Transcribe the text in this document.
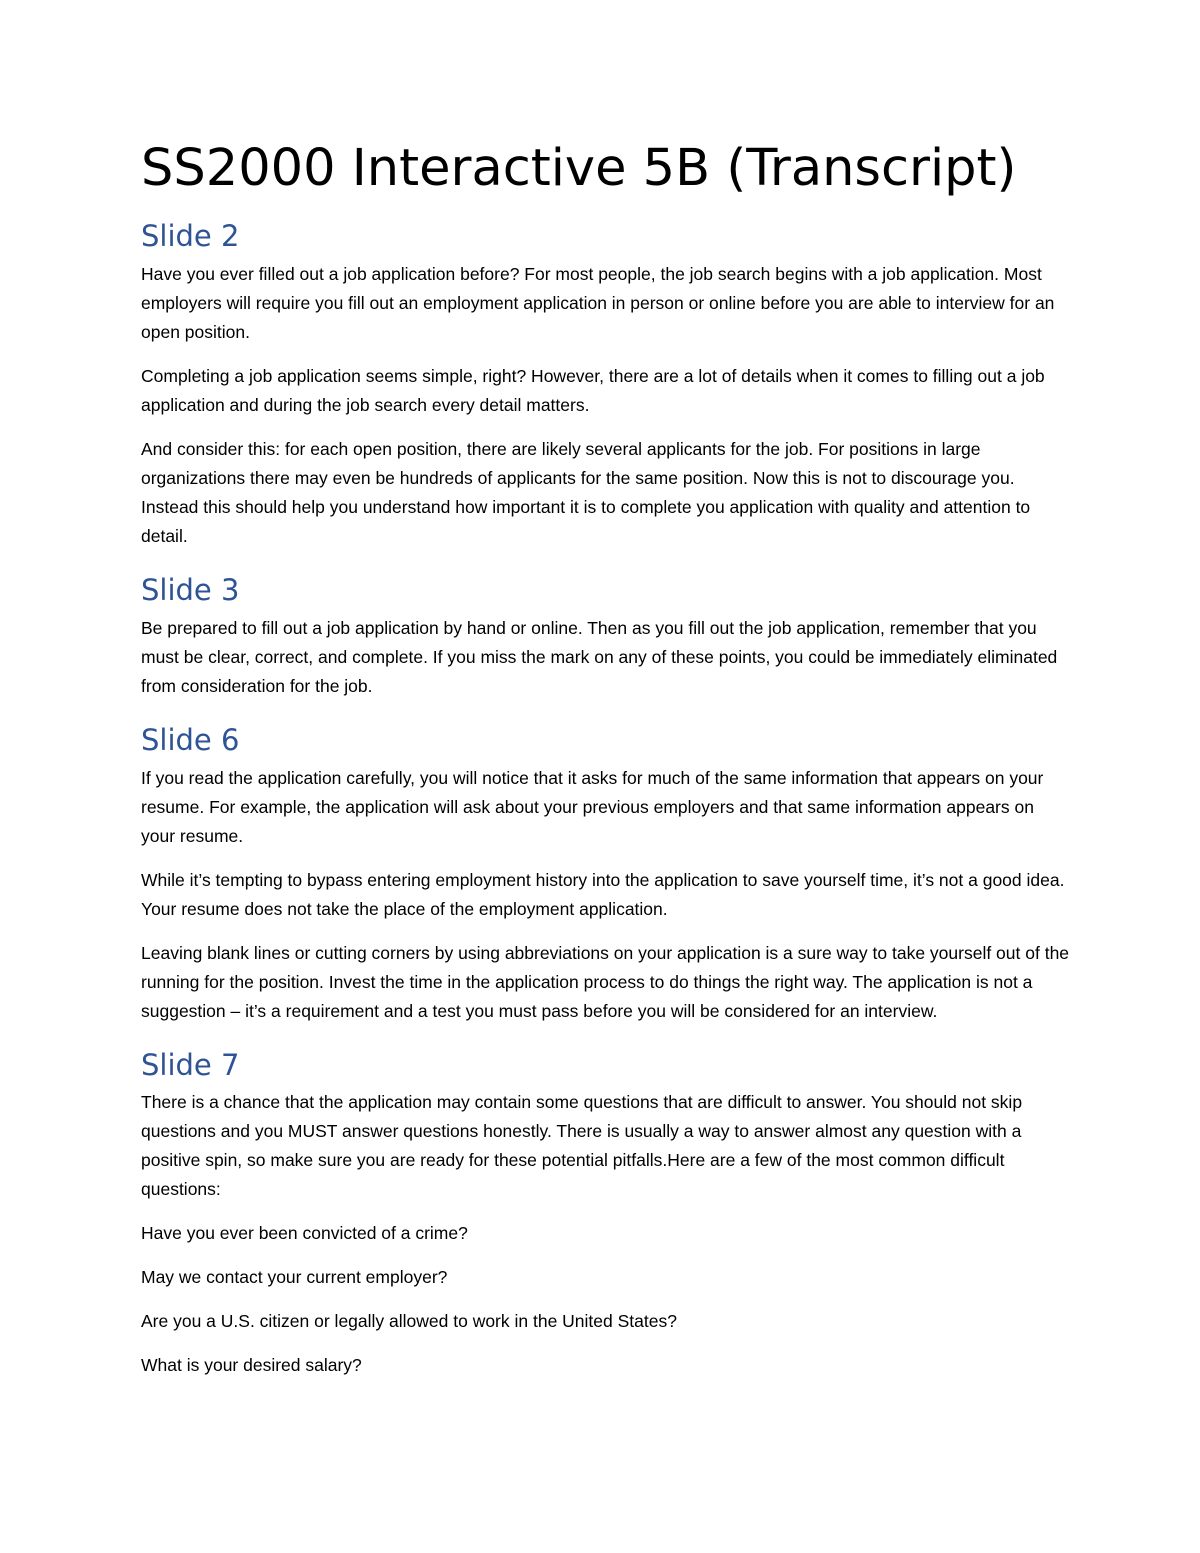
SS2000 Interactive 5B (Transcript)
Slide 2

Have you ever filled out a job application before? For most people, the job search begins with a job application. Most employers will require you fill out an employment application in person or online before you are able to interview for an open position.

Completing a job application seems simple, right? However, there are a lot of details when it comes to filling out a job application and during the job search every detail matters.

And consider this: for each open position, there are likely several applicants for the job. For positions in large organizations there may even be hundreds of applicants for the same position. Now this is not to discourage you. Instead this should help you understand how important it is to complete you application with quality and attention to detail.

Slide 3

Be prepared to fill out a job application by hand or online. Then as you fill out the job application, remember that you must be clear, correct, and complete. If you miss the mark on any of these points, you could be immediately eliminated from consideration for the job.

Slide 6

If you read the application carefully, you will notice that it asks for much of the same information that appears on your resume. For example, the application will ask about your previous employers and that same information appears on your resume.

While it’s tempting to bypass entering employment history into the application to save yourself time, it’s not a good idea. Your resume does not take the place of the employment application.

Leaving blank lines or cutting corners by using abbreviations on your application is a sure way to take yourself out of the running for the position. Invest the time in the application process to do things the right way. The application is not a suggestion – it’s a requirement and a test you must pass before you will be considered for an interview.

Slide 7

There is a chance that the application may contain some questions that are difficult to answer. You should not skip questions and you MUST answer questions honestly. There is usually a way to answer almost any question with a positive spin, so make sure you are ready for these potential pitfalls.Here are a few of the most common difficult questions:

Have you ever been convicted of a crime?

May we contact your current employer?

Are you a U.S. citizen or legally allowed to work in the United States?

What is your desired salary?
